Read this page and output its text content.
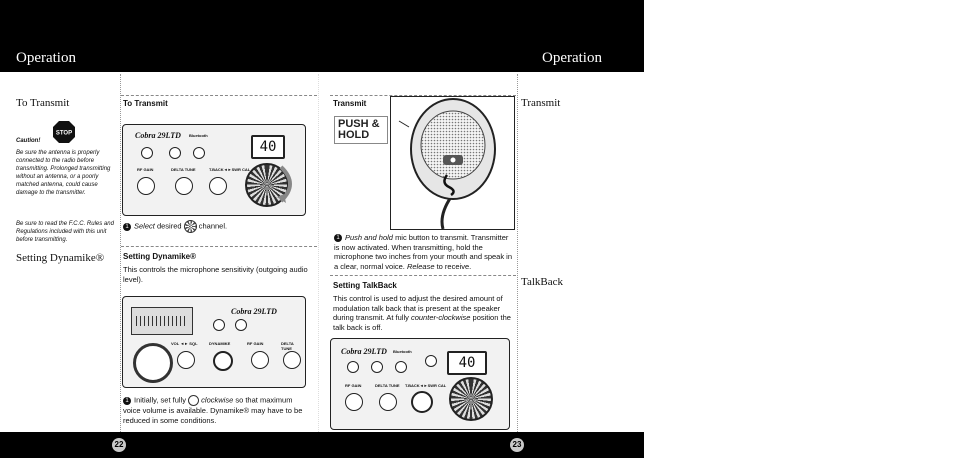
Operation	Operation
22	23
To Transmit
STOP
Caution!
Be sure the antenna is properly connected to the radio before transmitting. Prolonged transmitting without an antenna, or a poorly matched antenna, could cause damage to the transmitter.
Be sure to read the F.C.C. Rules and Regulations included with this unit before transmitting.
Setting Dynamike®
To Transmit
Cobra 29LTD Bluetooth
40
RF GAIN	DELTA TUNE	T.BACK◄►SWR CAL
1 Select desired channel.
Setting Dynamike®
This controls the microphone sensitivity (outgoing audio level).
Cobra 29LTD
VOL ◄► SQL	DYNAMIKE	RF GAIN	DELTA TUNE
1 Initially, set fully clockwise so that maximum voice volume is available. Dynamike® may have to be reduced in some conditions.
Transmit
PUSH & HOLD
1 Push and hold mic button to transmit. Transmitter is now activated. When transmitting, hold the microphone two inches from your mouth and speak in a clear, normal voice. Release to receive.
Setting TalkBack
This control is used to adjust the desired amount of modulation talk back that is present at the speaker during transmit. At fully counter-clockwise position the talk back is off.
Cobra 29LTD Bluetooth
40
RF GAIN	DELTA TUNE T.BACK◄►SWR CAL
Transmit
TalkBack
